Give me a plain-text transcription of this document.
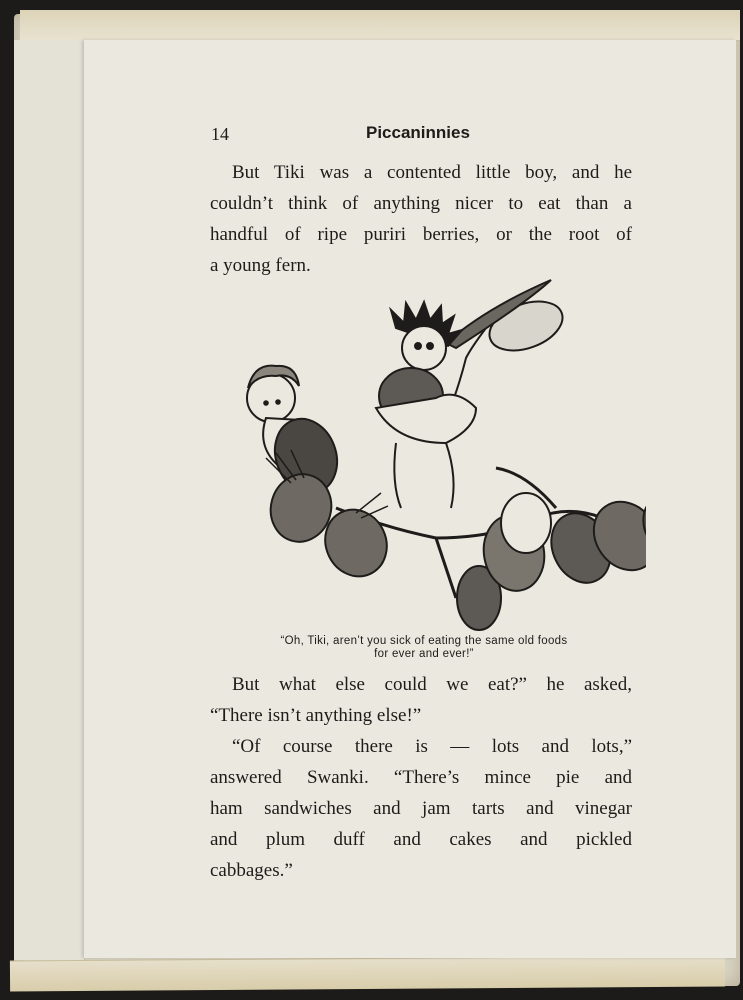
14	Piccaninnies
But Tiki was a contented little boy, and he
couldn’t think of anything nicer to eat than a
handful of ripe puriri berries, or the root of
a young fern.
“Oh, Tiki, aren’t you sick of eating the same old foods
for ever and ever!”
But what else could we eat?” he asked,
“There isn’t anything else!”
“Of course there is — lots and lots,”
answered Swanki. “There’s mince pie and
ham sandwiches and jam tarts and vinegar
and plum duff and cakes and pickled
cabbages.”
